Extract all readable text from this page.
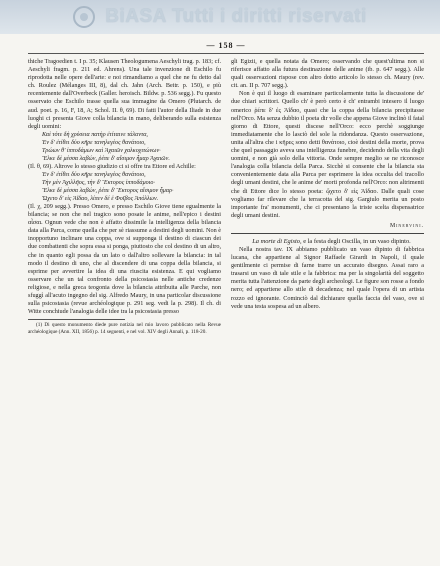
BiASA Tutti i diritti riservati
— 158 —

thiche Tragoedien t. I p. 35; Klausen Theologumena Aeschyli trag. p. 183; cf. Aeschyli fragm. p. 211 ed. Ahrens). Una tale invenzione di Eschilo fu riprodotta nelle opere dell'arte: e noi rimandiamo a quel che ne fu detto dal ch. Roulez (Mélanges III, 8), dal ch. Jahn (Arch. Beitr. p. 150), e più recentemente dall'Overbeck (Galler. heroisch. Bildw. p. 536 segg.). Fu questo osservato che Eschilo trasse quella sua immagine da Omero (Plutarch. de aud. poet. p. 16, F, 18, A; Schol. II. θ, 69). Di fatti l'autor della Iliade in due luoghi ci presenta Giove colla bilancia in mano, deliberando sulla esistenza degli uomini:

Καὶ τότε δὴ χρύσεια πατὴρ ἐτίταινε τάλαντα,

Ἐν δ' ἐτίθει δύο κῆρε τανηλεγέος θανάτοιο,

Τρώων θ' ἱπποδάμων καὶ Ἀχαιῶν χαλκοχιτώνων·

Ἕλκε δὲ μέσσα λαβών, ῥέπε δ' αἴσιμον ἦμαρ Ἀχαιῶν.

(Il. θ, 69). Altrove lo stesso giudizio ci si offre tra Ettore ed Achille:

Ἐν δ' ἐτίθει δύο κῆρε τανηλεγέος θανάτοιο,

Τὴν μὲν Ἀχιλλῆος, τὴν δ' Ἕκτορος ἱπποδάμοιο·

Ἕλκε δὲ μέσσα λαβών, ῥέπε δ' Ἕκτορος αἴσιμον ἦμαρ·

Ὤχετο δ' εἰς Ἀΐδαο, λίπεν δέ ἑ Φοῖβος Ἀπόλλων.

(Il. χ, 209 segg.). Presso Omero, e presso Eschilo Giove tiene egualmente la bilancia; se non che nel tragico sono posate le anime, nell'epico i destini αἶσαι. Ognun vede che non è affatto dissimile la intelligenza della bilancia data alla Parca, come quella che per sè riassume a destini degli uomini. Non è inopportuno inclinare una coppa, ove si supponga il destino di ciascun dei due combattenti che sopra essa si ponga, piuttosto che col destino di un altro, che in quanto egli possa da un lato o dall'altro sollevare la bilancia: in tal modo il destino di uno, che al discendere di una coppa della bilancia, si esprime per avvertire la idea di una riuscita esistenza. E qui vogliamo osservare che un tal confronto della psicostasia nelle antiche credenze religiose, e nella greca teogonia dove la bilancia attribuita alle Parche, non sfuggì all'acuto ingegno del sig. Alfredo Maury, in una particolar discussione sulla psicostasia (revue archéologique p. 291 seg. vedi la p. 298). Il ch. di Witte conchiude l'analogia delle idee tra la psicostasia presso

(1) Di questo monumento diede pure notizia nel mio lavoro pubblicato nella Revue archéologique (Ann. XII, 1856) p. 14 seguenti, e nel vol. XIV degli Annali, p. 118-20.

gli Egizii, e quella notata da Omero; osservando che quest'ultima non si riferisce affatto alla futura destinazione delle anime (ib. p. 647 segg.). Alle quali osservazioni rispose con altro dotto articolo lo stesso ch. Maury (rev. cit. an. II p. 707 segg.).

Non è qui il luogo di esaminare particolarmente tutta la discussione de' due chiari scrittori. Quello ch' è però certo è ch' entrambi intesero il luogo omerico ῥέπε δ' ἐς Ἀΐδαο, quasi che la coppa della bilancia precipitasse nell'Orco. Ma senza dubbio il poeta dir volle che appena Giove inclinò il fatal giorno di Ettore, questi discese nell'Orco: ecco perchè soggiunge immediatamente che lo lasciò del sole la ridondanza. Questo osservazione, unita all'altra che i κῆρες sono detti θανάτοιο, cioè destini della morte, prova che quel passaggio aveva una intelligenza funebre, decidendo della vita degli uomini, e non già solo della vittoria. Onde sempre meglio se ne riconosce l'analogia colla bilancia della Parca. Sicchè si consente che la bilancia sta convenientemente data alla Parca per esprimere la idea occulta del tracollo degli umani destini, che le anime de' morti profonda nell'Orco: non altrimenti che di Ettore dice lo stesso poeta: ᾤχετο δ' εἰς Ἀΐδαο. Dalle quali cose vogliamo far rilevare che la terracotta del sig. Gargiulo merita un posto importante fra' monumenti, che ci presentano la triste scelta dispensatrice degli umani destini.

Minervini.

La morte di Egisto, e la festa degli Oscilla, in un vaso dipinto.

Nella nostra tav. IX abbiamo pubblicato un vaso dipinto di fabbrica lucana, che appartiene al Signor Raffaele Girardi in Napoli, il quale gentilmente ci permise di farne trarre un accurato disegno. Assai raro a trasarsi un vaso di tale stile e la fabbrica: ma per la singolarità del soggetto merita tutta l'attenzione da parte degli archeologi. Le figure son rosse a fondo nero; ed appartiene allo stile di decadenza; nel quale l'opera di un artista rozzo ed ignorante. Cominciò dal dichiarare quella faccia del vaso, ove si vede una testa sospesa ad un albero.
